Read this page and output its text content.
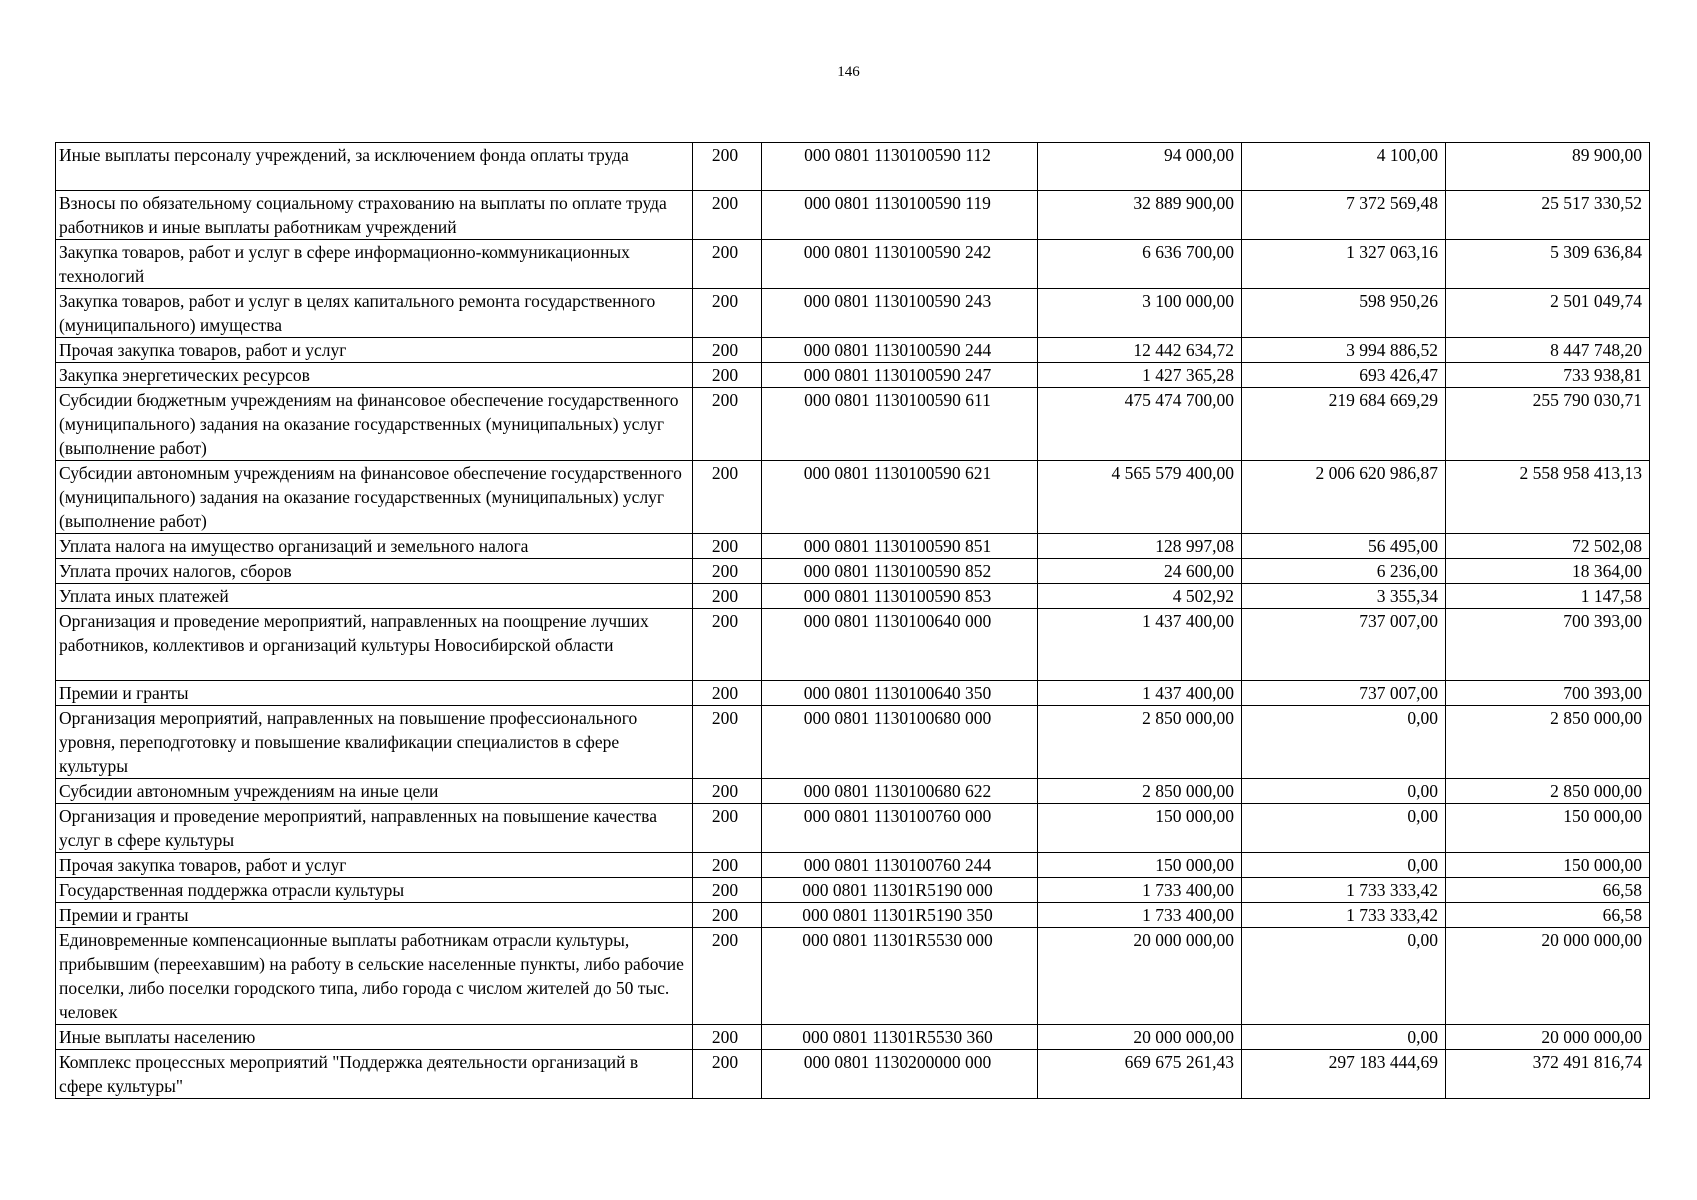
146
Иные выплаты персоналу учреждений, за исключением фонда оплаты труда	200	000 0801 1130100590 112	94 000,00	4 100,00	89 900,00
Взносы по обязательному социальному страхованию на выплаты по оплате труда работников и иные выплаты работникам учреждений	200	000 0801 1130100590 119	32 889 900,00	7 372 569,48	25 517 330,52
Закупка товаров, работ и услуг в сфере информационно-коммуникационных технологий	200	000 0801 1130100590 242	6 636 700,00	1 327 063,16	5 309 636,84
Закупка товаров, работ и услуг в целях капитального ремонта государственного (муниципального) имущества	200	000 0801 1130100590 243	3 100 000,00	598 950,26	2 501 049,74
Прочая закупка товаров, работ и услуг	200	000 0801 1130100590 244	12 442 634,72	3 994 886,52	8 447 748,20
Закупка энергетических ресурсов	200	000 0801 1130100590 247	1 427 365,28	693 426,47	733 938,81
Субсидии бюджетным учреждениям на финансовое обеспечение государственного (муниципального) задания на оказание государственных (муниципальных) услуг (выполнение работ)	200	000 0801 1130100590 611	475 474 700,00	219 684 669,29	255 790 030,71
Субсидии автономным учреждениям на финансовое обеспечение государственного (муниципального) задания на оказание государственных (муниципальных) услуг (выполнение работ)	200	000 0801 1130100590 621	4 565 579 400,00	2 006 620 986,87	2 558 958 413,13
Уплата налога на имущество организаций и земельного налога	200	000 0801 1130100590 851	128 997,08	56 495,00	72 502,08
Уплата прочих налогов, сборов	200	000 0801 1130100590 852	24 600,00	6 236,00	18 364,00
Уплата иных платежей	200	000 0801 1130100590 853	4 502,92	3 355,34	1 147,58
Организация и проведение мероприятий, направленных на поощрение лучших работников, коллективов и организаций культуры Новосибирской области	200	000 0801 1130100640 000	1 437 400,00	737 007,00	700 393,00
Премии и гранты	200	000 0801 1130100640 350	1 437 400,00	737 007,00	700 393,00
Организация мероприятий, направленных на повышение профессионального уровня, переподготовку и повышение квалификации специалистов в сфере культуры	200	000 0801 1130100680 000	2 850 000,00	0,00	2 850 000,00
Субсидии автономным учреждениям на иные цели	200	000 0801 1130100680 622	2 850 000,00	0,00	2 850 000,00
Организация и проведение мероприятий, направленных на повышение качества услуг в сфере культуры	200	000 0801 1130100760 000	150 000,00	0,00	150 000,00
Прочая закупка товаров, работ и услуг	200	000 0801 1130100760 244	150 000,00	0,00	150 000,00
Государственная поддержка отрасли культуры	200	000 0801 11301R5190 000	1 733 400,00	1 733 333,42	66,58
Премии и гранты	200	000 0801 11301R5190 350	1 733 400,00	1 733 333,42	66,58
Единовременные компенсационные выплаты работникам отрасли культуры, прибывшим (переехавшим) на работу в сельские населенные пункты, либо рабочие поселки, либо поселки городского типа, либо города с числом жителей до 50 тыс. человек	200	000 0801 11301R5530 000	20 000 000,00	0,00	20 000 000,00
Иные выплаты населению	200	000 0801 11301R5530 360	20 000 000,00	0,00	20 000 000,00
Комплекс процессных мероприятий "Поддержка деятельности организаций в сфере культуры"	200	000 0801 1130200000 000	669 675 261,43	297 183 444,69	372 491 816,74
